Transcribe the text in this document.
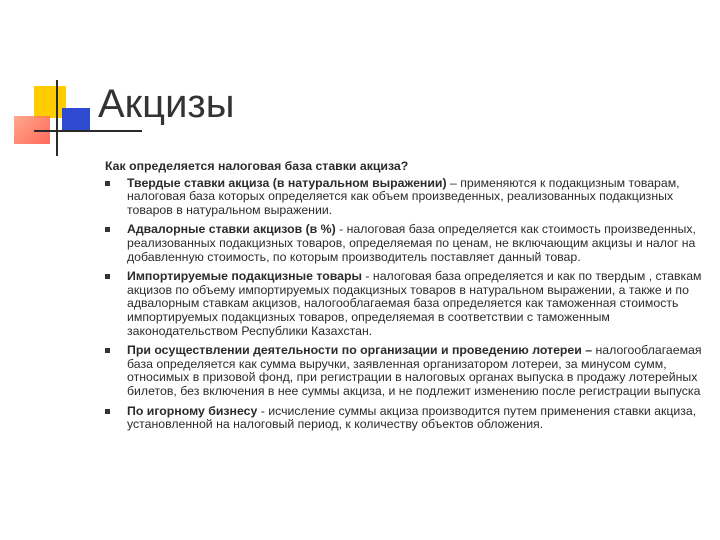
Акцизы
Как определяется налоговая база ставки акциза?
Твердые ставки акциза (в натуральном выражении) – применяются к подакцизным товарам, налоговая база которых определяется как объем произведенных, реализованных подакцизных товаров в натуральном выражении.
Адвалорные ставки акцизов (в %) - налоговая база определяется как стоимость произведенных, реализованных подакцизных товаров, определяемая по ценам, не включающим акцизы и налог на добавленную стоимость, по которым производитель поставляет данный товар.
Импортируемые подакцизные товары - налоговая база определяется и как по твердым , ставкам акцизов по объему импортируемых подакцизных товаров в натуральном выражении, а также и по адвалорным ставкам акцизов, налогооблагаемая база определяется как таможенная стоимость импортируемых подакцизных товаров, определяемая в соответствии с таможенным законодательством Республики Казахстан.
При осуществлении деятельности по организации и проведению лотереи – налогооблагаемая база определяется как сумма выручки, заявленная организатором лотереи, за минусом сумм, относимых в призовой фонд, при регистрации в налоговых органах выпуска в продажу лотерейных билетов, без включения в нее суммы акциза, и не подлежит изменению после регистрации выпуска
По игорному бизнесу - исчисление суммы акциза производится путем применения ставки акциза, установленной на налоговый период, к количеству объектов обложения.
